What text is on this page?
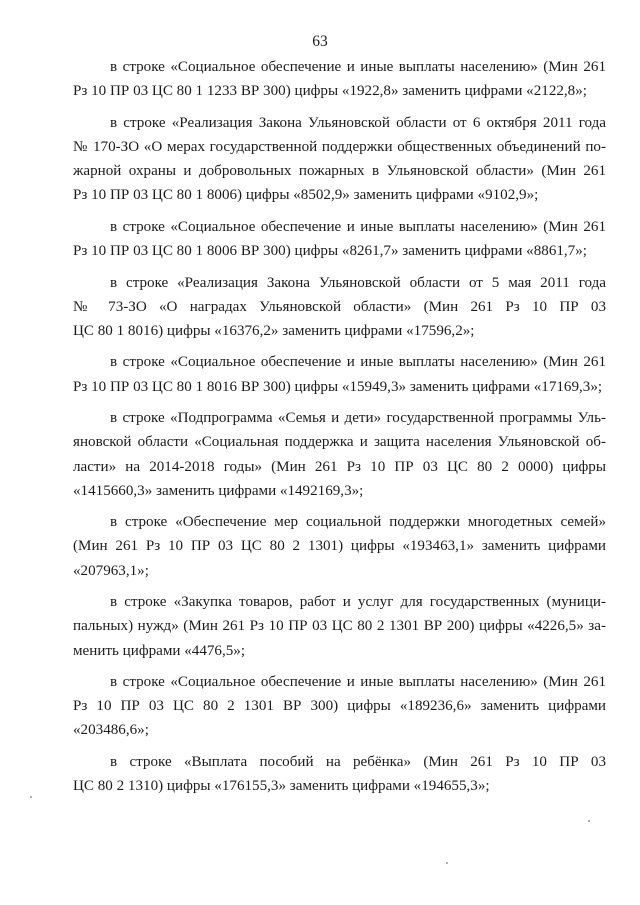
63
в строке «Социальное обеспечение и иные выплаты населению» (Мин 261
Рз 10 ПР 03 ЦС 80 1 1233 ВР 300) цифры «1922,8» заменить цифрами «2122,8»;
в строке «Реализация Закона Ульяновской области от 6 октября 2011 года
№ 170-ЗО «О мерах государственной поддержки общественных объединений по-
жарной охраны и добровольных пожарных в Ульяновской области» (Мин 261
Рз 10 ПР 03 ЦС 80 1 8006) цифры «8502,9» заменить цифрами «9102,9»;
в строке «Социальное обеспечение и иные выплаты населению» (Мин 261
Рз 10 ПР 03 ЦС 80 1 8006 ВР 300) цифры «8261,7» заменить цифрами «8861,7»;
в строке «Реализация Закона Ульяновской области от 5 мая 2011 года
№ 73-ЗО «О наградах Ульяновской области» (Мин 261 Рз 10 ПР 03
ЦС 80 1 8016) цифры «16376,2» заменить цифрами «17596,2»;
в строке «Социальное обеспечение и иные выплаты населению» (Мин 261
Рз 10 ПР 03 ЦС 80 1 8016 ВР 300) цифры «15949,3» заменить цифрами «17169,3»;
в строке «Подпрограмма «Семья и дети» государственной программы Уль-
яновской области «Социальная поддержка и защита населения Ульяновской об-
ласти» на 2014-2018 годы» (Мин 261 Рз 10 ПР 03 ЦС 80 2 0000) цифры
«1415660,3» заменить цифрами «1492169,3»;
в строке «Обеспечение мер социальной поддержки многодетных семей»
(Мин 261 Рз 10 ПР 03 ЦС 80 2 1301) цифры «193463,1» заменить цифрами
«207963,1»;
в строке «Закупка товаров, работ и услуг для государственных (муници-
пальных) нужд» (Мин 261 Рз 10 ПР 03 ЦС 80 2 1301 ВР 200) цифры «4226,5» за-
менить цифрами «4476,5»;
в строке «Социальное обеспечение и иные выплаты населению» (Мин 261
Рз 10 ПР 03 ЦС 80 2 1301 ВР 300) цифры «189236,6» заменить цифрами
«203486,6»;
в строке «Выплата пособий на ребёнка» (Мин 261 Рз 10 ПР 03
ЦС 80 2 1310) цифры «176155,3» заменить цифрами «194655,3»;
